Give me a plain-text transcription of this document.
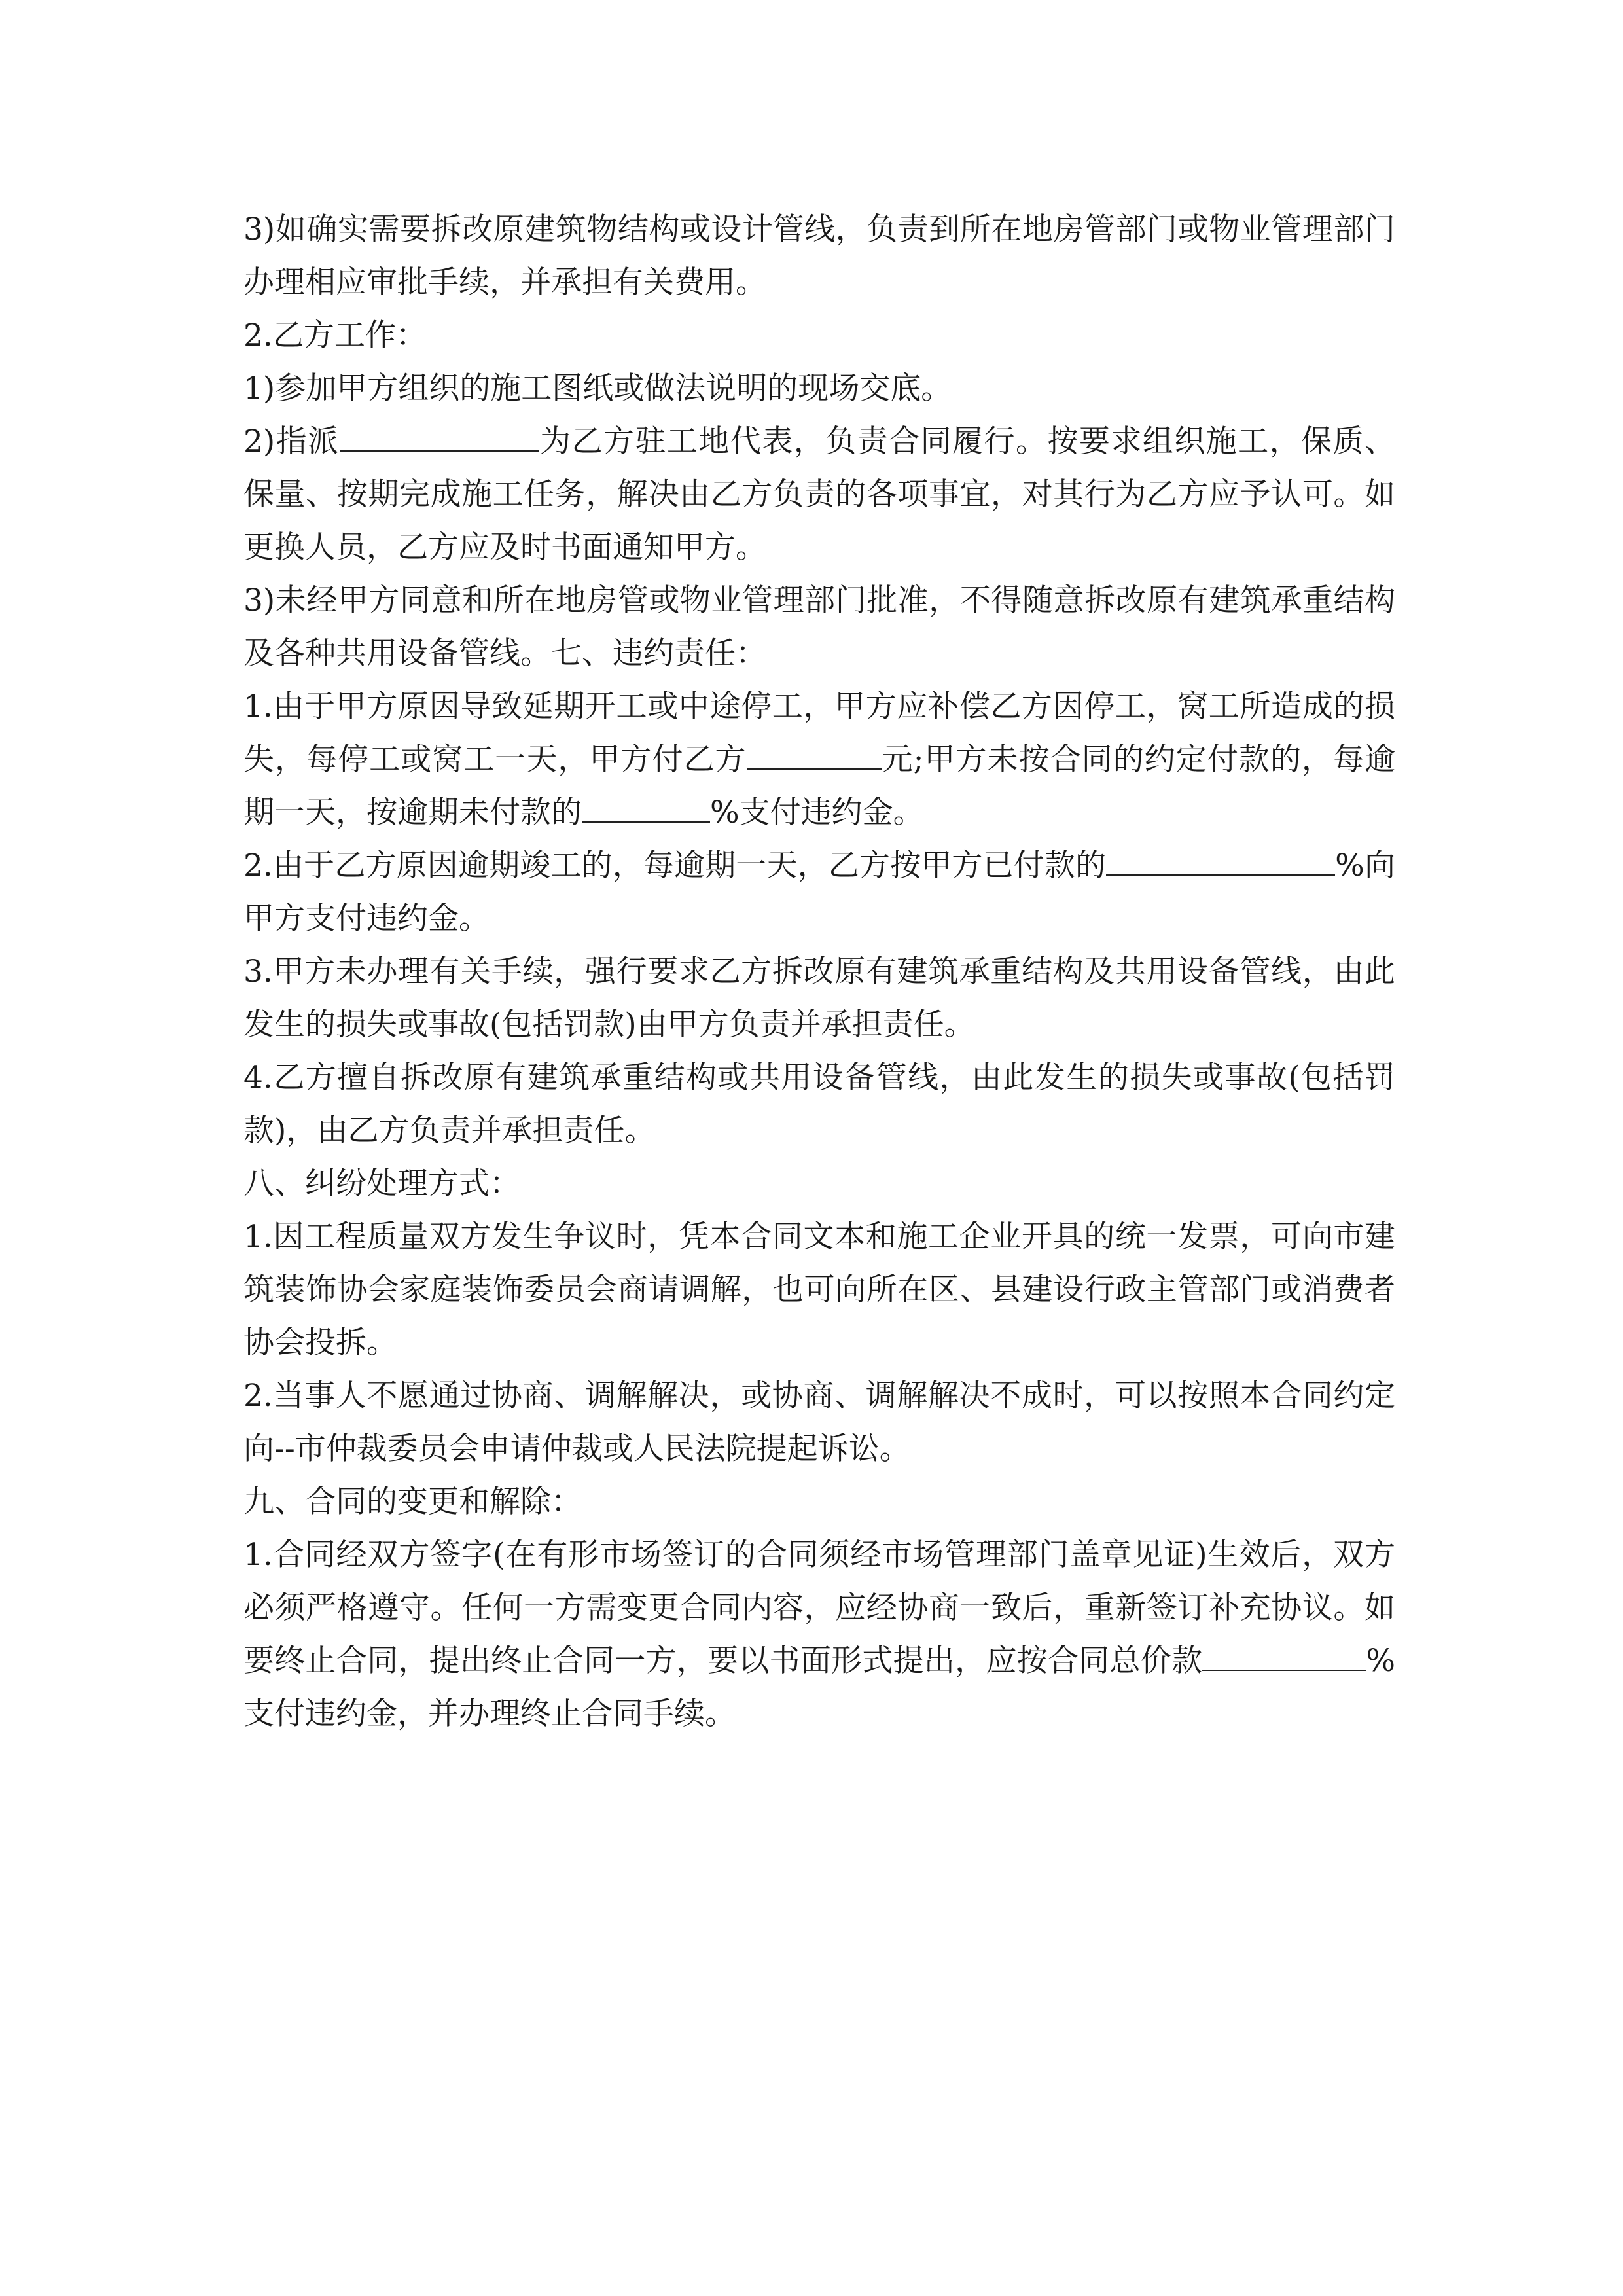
3)如确实需要拆改原建筑物结构或设计管线，负责到所在地房管部门或物业管理部门办理相应审批手续，并承担有关费用。

2.乙方工作：

1)参加甲方组织的施工图纸或做法说明的现场交底。

2)指派	为乙方驻工地代表，负责合同履行。按要求组织施工，保质、保量、按期完成施工任务，解决由乙方负责的各项事宜，对其行为乙方应予认可。如更换人员，乙方应及时书面通知甲方。

3)未经甲方同意和所在地房管或物业管理部门批准，不得随意拆改原有建筑承重结构及各种共用设备管线。七、违约责任：

1.由于甲方原因导致延期开工或中途停工，甲方应补偿乙方因停工，窝工所造成的损失，每停工或窝工一天，甲方付乙方	元;甲方未按合同的约定付款的，每逾期一天，按逾期未付款的	%支付违约金。

2.由于乙方原因逾期竣工的，每逾期一天，乙方按甲方已付款的	%向甲方支付违约金。

3.甲方未办理有关手续，强行要求乙方拆改原有建筑承重结构及共用设备管线，由此发生的损失或事故(包括罚款)由甲方负责并承担责任。

4.乙方擅自拆改原有建筑承重结构或共用设备管线，由此发生的损失或事故(包括罚款)，由乙方负责并承担责任。

八、纠纷处理方式：

1.因工程质量双方发生争议时，凭本合同文本和施工企业开具的统一发票，可向市建筑装饰协会家庭装饰委员会商请调解，也可向所在区、县建设行政主管部门或消费者协会投拆。

2.当事人不愿通过协商、调解解决，或协商、调解解决不成时，可以按照本合同约定向--市仲裁委员会申请仲裁或人民法院提起诉讼。

九、合同的变更和解除：

1.合同经双方签字(在有形市场签订的合同须经市场管理部门盖章见证)生效后，双方必须严格遵守。任何一方需变更合同内容，应经协商一致后，重新签订补充协议。如要终止合同，提出终止合同一方，要以书面形式提出，应按合同总价款	%支付违约金，并办理终止合同手续。
